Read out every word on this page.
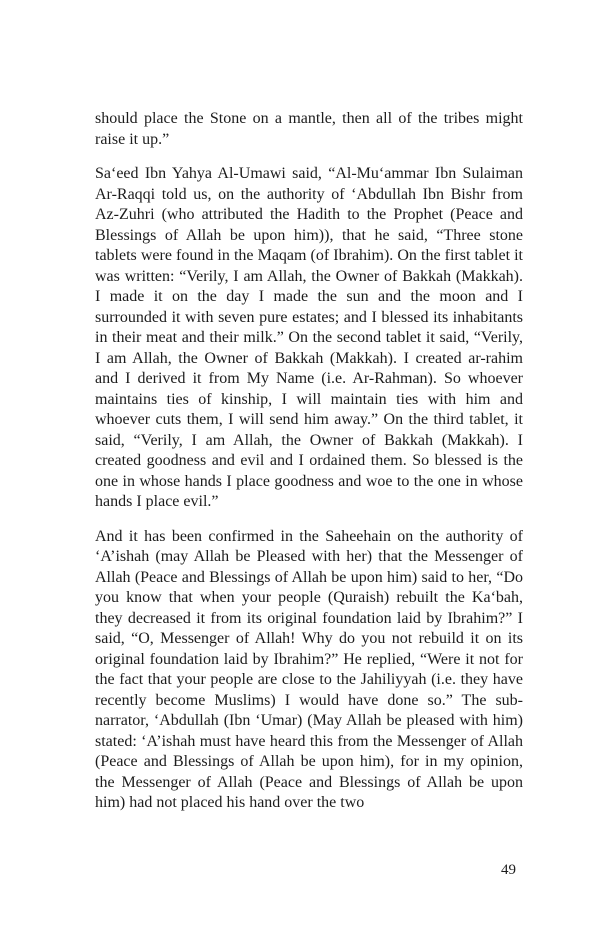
should place the Stone on a mantle, then all of the tribes might raise it up.”

Sa‘eed Ibn Yahya Al-Umawi said, “Al-Mu‘ammar Ibn Sulaiman Ar-Raqqi told us, on the authority of ‘Abdullah Ibn Bishr from Az-Zuhri (who attributed the Hadith to the Prophet (Peace and Blessings of Allah be upon him)), that he said, “Three stone tablets were found in the Maqam (of Ibrahim). On the first tablet it was written: “Verily, I am Allah, the Owner of Bakkah (Makkah). I made it on the day I made the sun and the moon and I surrounded it with seven pure estates; and I blessed its inhabitants in their meat and their milk.” On the second tablet it said, “Verily, I am Allah, the Owner of Bakkah (Makkah). I created ar-rahim and I derived it from My Name (i.e. Ar-Rahman). So whoever maintains ties of kinship, I will maintain ties with him and whoever cuts them, I will send him away.” On the third tablet, it said, “Verily, I am Allah, the Owner of Bakkah (Makkah). I created goodness and evil and I ordained them. So blessed is the one in whose hands I place goodness and woe to the one in whose hands I place evil.”

And it has been confirmed in the Saheehain on the authority of ‘A’ishah (may Allah be Pleased with her) that the Messenger of Allah (Peace and Blessings of Allah be upon him) said to her, “Do you know that when your people (Quraish) rebuilt the Ka‘bah, they decreased it from its original foundation laid by Ibrahim?” I said, “O, Messenger of Allah! Why do you not rebuild it on its original foundation laid by Ibrahim?” He replied, “Were it not for the fact that your people are close to the Jahiliyyah (i.e. they have recently become Muslims) I would have done so.” The sub-narrator, ‘Abdullah (Ibn ‘Umar) (May Allah be pleased with him) stated: ‘A’ishah must have heard this from the Messenger of Allah (Peace and Blessings of Allah be upon him), for in my opinion, the Messenger of Allah (Peace and Blessings of Allah be upon him) had not placed his hand over the two

49
